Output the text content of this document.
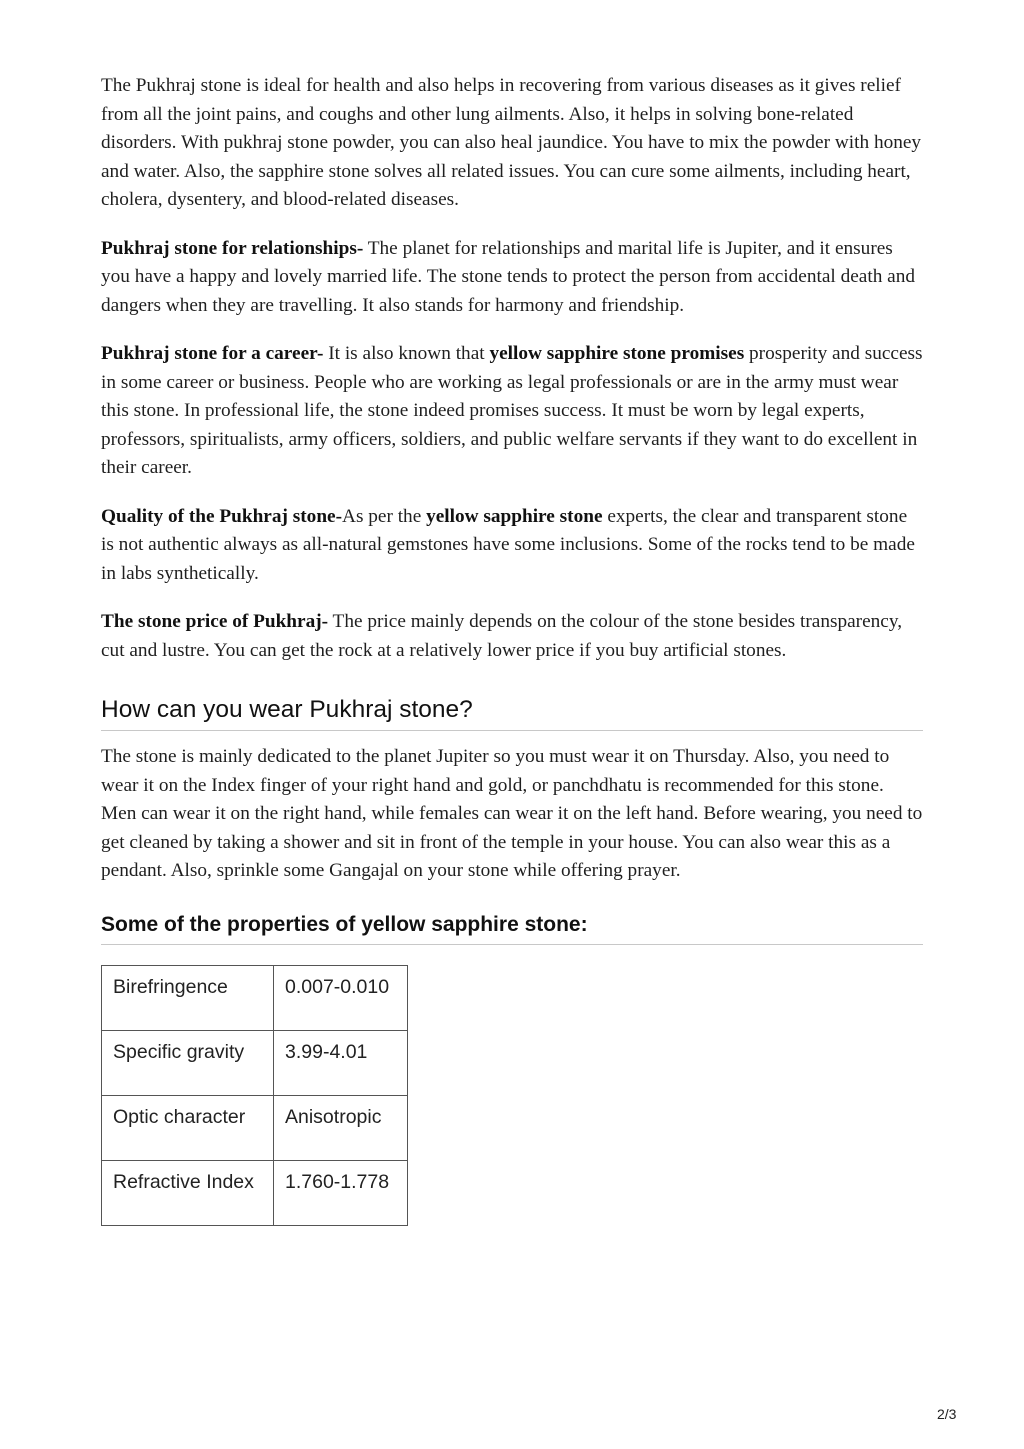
The Pukhraj stone is ideal for health and also helps in recovering from various diseases as it gives relief from all the joint pains, and coughs and other lung ailments. Also, it helps in solving bone-related disorders. With pukhraj stone powder, you can also heal jaundice. You have to mix the powder with honey and water. Also, the sapphire stone solves all related issues. You can cure some ailments, including heart, cholera, dysentery, and blood-related diseases.

Pukhraj stone for relationships- The planet for relationships and marital life is Jupiter, and it ensures you have a happy and lovely married life. The stone tends to protect the person from accidental death and dangers when they are travelling. It also stands for harmony and friendship.

Pukhraj stone for a career- It is also known that yellow sapphire stone promises prosperity and success in some career or business. People who are working as legal professionals or are in the army must wear this stone. In professional life, the stone indeed promises success. It must be worn by legal experts, professors, spiritualists, army officers, soldiers, and public welfare servants if they want to do excellent in their career.

Quality of the Pukhraj stone-As per the yellow sapphire stone experts, the clear and transparent stone is not authentic always as all-natural gemstones have some inclusions. Some of the rocks tend to be made in labs synthetically.

The stone price of Pukhraj- The price mainly depends on the colour of the stone besides transparency, cut and lustre. You can get the rock at a relatively lower price if you buy artificial stones.

How can you wear Pukhraj stone?

The stone is mainly dedicated to the planet Jupiter so you must wear it on Thursday. Also, you need to wear it on the Index finger of your right hand and gold, or panchdhatu is recommended for this stone. Men can wear it on the right hand, while females can wear it on the left hand. Before wearing, you need to get cleaned by taking a shower and sit in front of the temple in your house. You can also wear this as a pendant. Also, sprinkle some Gangajal on your stone while offering prayer.

Some of the properties of yellow sapphire stone:
Birefringence	0.007-0.010
Specific gravity	3.99-4.01
Optic character	Anisotropic
Refractive Index	1.760-1.778
2/3
